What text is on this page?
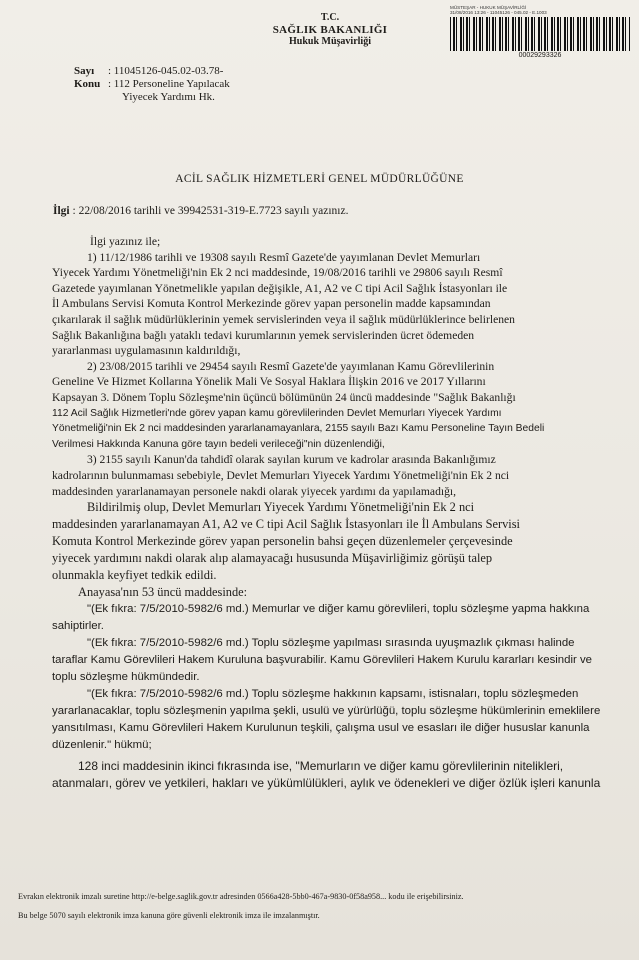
T.C.
SAĞLIK BAKANLIĞI
Hukuk Müşavirliği
MÜSTEŞAR - HUKUK MÜŞAVİRLİĞİ
31/08/2016 13:26 - 11045126 - 045.02 - E.1003
00029293326
Sayı : 11045126-045.02-03.78-
Konu : 112 Personeline Yapılacak
Yiyecek Yardımı Hk.
ACİL SAĞLIK HİZMETLERİ GENEL MÜDÜRLÜĞÜNE
İlgi : 22/08/2016 tarihli ve 39942531-319-E.7723 sayılı yazınız.
İlgi yazınız ile;
1) 11/12/1986 tarihli ve 19308 sayılı Resmî Gazete'de yayımlanan Devlet Memurları
Yiyecek Yardımı Yönetmeliği'nin Ek 2 nci maddesinde, 19/08/2016 tarihli ve 29806 sayılı Resmî
Gazetede yayımlanan Yönetmelikle yapılan değişikle, A1, A2 ve C tipi Acil Sağlık İstasyonları ile
İl Ambulans Servisi Komuta Kontrol Merkezinde görev yapan personelin madde kapsamından
çıkarılarak il sağlık müdürlüklerinin yemek servislerinden veya il sağlık müdürlüklerince belirlenen
Sağlık Bakanlığına bağlı yataklı tedavi kurumlarının yemek servislerinden ücret ödemeden
yararlanması uygulamasının kaldırıldığı,
2) 23/08/2015 tarihli ve 29454 sayılı Resmî Gazete'de yayımlanan Kamu Görevlilerinin
Geneline Ve Hizmet Kollarına Yönelik Mali Ve Sosyal Haklara İlişkin 2016 ve 2017 Yıllarını
Kapsayan 3. Dönem Toplu Sözleşme'nin üçüncü bölümünün 24 üncü maddesinde "Sağlık Bakanlığı
112 Acil Sağlık Hizmetleri'nde görev yapan kamu görevlilerinden Devlet Memurları Yiyecek Yardımı
Yönetmeliği'nin Ek 2 nci maddesinden yararlanamayanlara, 2155 sayılı Bazı Kamu Personeline Tayın Bedeli
Verilmesi Hakkında Kanuna göre tayın bedeli verileceği"nin düzenlendiği,
3) 2155 sayılı Kanun'da tahdidî olarak sayılan kurum ve kadrolar arasında Bakanlığımız
kadrolarının bulunmaması sebebiyle, Devlet Memurları Yiyecek Yardımı Yönetmeliği'nin Ek 2 nci
maddesinden yararlanamayan personele nakdi olarak yiyecek yardımı da yapılamadığı,
Bildirilmiş olup, Devlet Memurları Yiyecek Yardımı Yönetmeliği'nin Ek 2 nci
maddesinden yararlanamayan A1, A2 ve C tipi Acil Sağlık İstasyonları ile İl Ambulans Servisi
Komuta Kontrol Merkezinde görev yapan personelin bahsi geçen düzenlemeler çerçevesinde
yiyecek yardımını nakdi olarak alıp alamayacağı hususunda Müşavirliğimiz görüşü talep
olunmakla keyfiyet tedkik edildi.
Anayasa'nın 53 üncü maddesinde:
"(Ek fıkra: 7/5/2010-5982/6 md.) Memurlar ve diğer kamu görevlileri, toplu sözleşme yapma hakkına
sahiptirler.
"(Ek fıkra: 7/5/2010-5982/6 md.) Toplu sözleşme yapılması sırasında uyuşmazlık çıkması halinde
taraflar Kamu Görevlileri Hakem Kuruluna başvurabilir. Kamu Görevlileri Hakem Kurulu kararları kesindir ve
toplu sözleşme hükmündedir.
"(Ek fıkra: 7/5/2010-5982/6 md.) Toplu sözleşme hakkının kapsamı, istisnaları, toplu sözleşmeden
yararlanacaklar, toplu sözleşmenin yapılma şekli, usulü ve yürürlüğü, toplu sözleşme hükümlerinin emeklilere
yansıtılması, Kamu Görevlileri Hakem Kurulunun teşkili, çalışma usul ve esasları ile diğer hususlar kanunla
düzenlenir." hükmü;
128 inci maddesinin ikinci fıkrasında ise, "Memurların ve diğer kamu görevlilerinin nitelikleri,
atanmaları, görev ve yetkileri, hakları ve yükümlülükleri, aylık ve ödenekleri ve diğer özlük işleri kanunla
Evrakın elektronik imzalı suretine http://e-belge.saglik.gov.tr adresinden 0566a428-5bb0-467a-9830-0f58a958... kodu ile erişebilirsiniz.
Bu belge 5070 sayılı elektronik imza kanuna göre güvenli elektronik imza ile imzalanmıştır.
